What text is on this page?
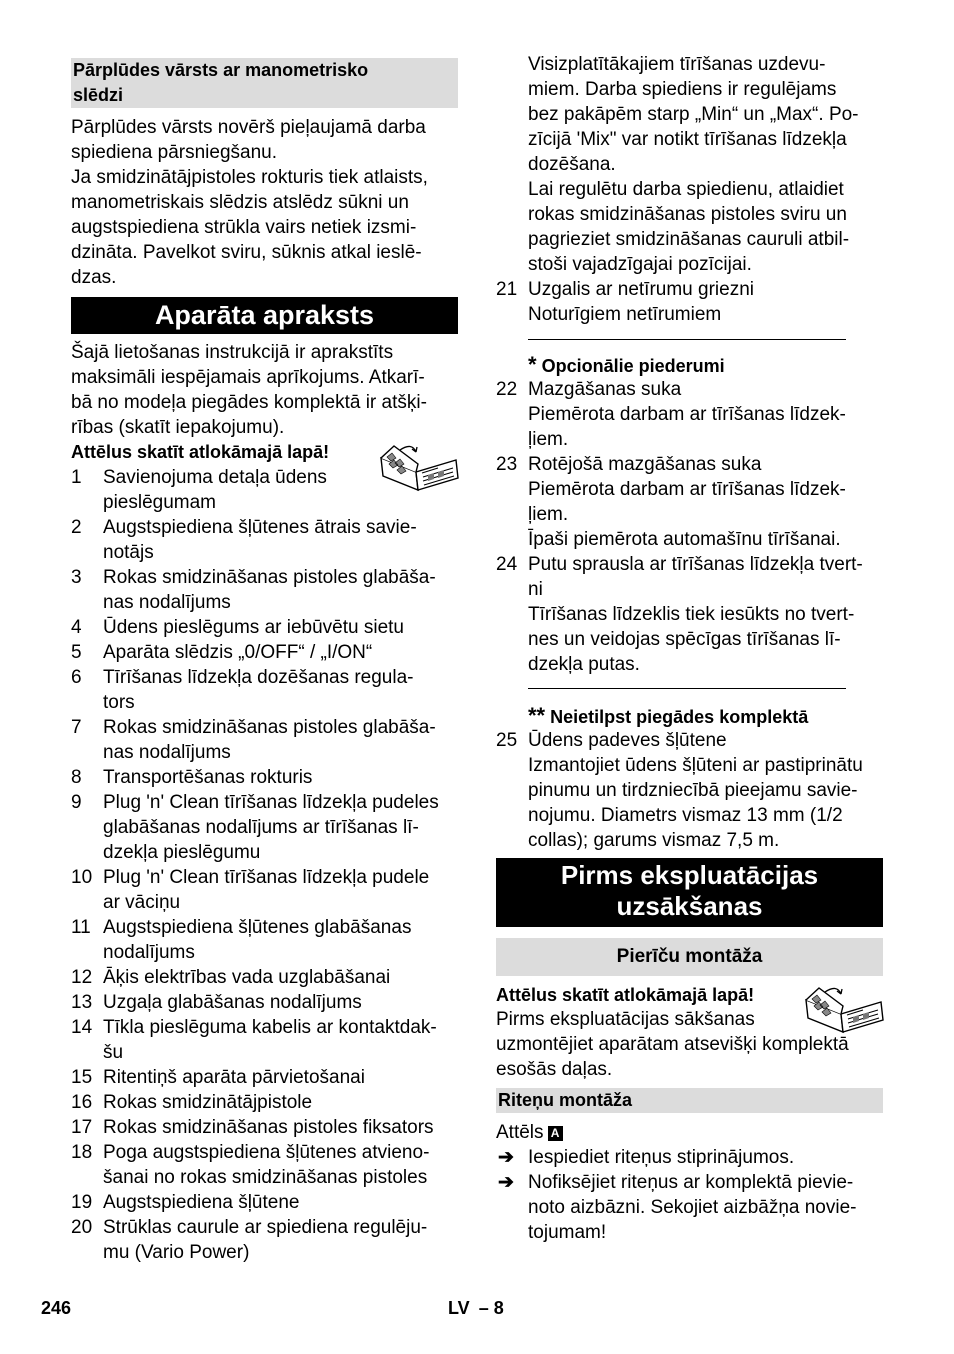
Pārplūdes vārsts ar manometrisko
slēdzi
Pārplūdes vārsts novērš pieļaujamā darba
spiediena pārsniegšanu.
Ja smidzinātājpistoles rokturis tiek atlaists,
manometriskais slēdzis atslēdz sūkni un
augstspiediena strūkla vairs netiek izsmi-
dzināta. Pavelkot sviru, sūknis atkal ieslē-
dzas.
Aparāta apraksts
Šajā lietošanas instrukcijā ir aprakstīts
maksimāli iespējamais aprīkojums. Atkarī-
bā no modeļa piegādes komplektā ir atšķi-
rības (skatīt iepakojumu).
Attēlus skatīt atlokāmajā lapā!
1 Savienojuma detaļa ūdens
pieslēgumam
2 Augstspiediena šļūtenes ātrais savie-
notājs
3 Rokas smidzināšanas pistoles glabāša-
nas nodalījums
4 Ūdens pieslēgums ar iebūvētu sietu
5 Aparāta slēdzis „0/OFF“ / „I/ON“
6 Tīrīšanas līdzekļa dozēšanas regula-
tors
7 Rokas smidzināšanas pistoles glabāša-
nas nodalījums
8 Transportēšanas rokturis
9 Plug 'n' Clean tīrīšanas līdzekļa pudeles
glabāšanas nodalījums ar tīrīšanas lī-
dzekļa pieslēgumu
10 Plug 'n' Clean tīrīšanas līdzekļa pudele
ar vāciņu
11 Augstspiediena šļūtenes glabāšanas
nodalījums
12 Āķis elektrības vada uzglabāšanai
13 Uzgaļa glabāšanas nodalījums
14 Tīkla pieslēguma kabelis ar kontaktdak-
šu
15 Ritentiņš aparāta pārvietošanai
16 Rokas smidzinātājpistole
17 Rokas smidzināšanas pistoles fiksators
18 Poga augstspiediena šļūtenes atvieno-
šanai no rokas smidzināšanas pistoles
19 Augstspiediena šļūtene
20 Strūklas caurule ar spiediena regulēju-
mu (Vario Power)
Visizplatītākajiem tīrīšanas uzdevu-
miem. Darba spiediens ir regulējams
bez pakāpēm starp „Min“ un „Max“. Po-
zīcijā 'Mix" var notikt tīrīšanas līdzekļa
dozēšana.
Lai regulētu darba spiedienu, atlaidiet
rokas smidzināšanas pistoles sviru un
pagrieziet smidzināšanas cauruli atbil-
stoši vajadzīgajai pozīcijai.
21 Uzgalis ar netīrumu griezni
Noturīgiem netīrumiem
* Opcionālie piederumi
22 Mazgāšanas suka
Piemērota darbam ar tīrīšanas līdzek-
ļiem.
23 Rotējošā mazgāšanas suka
Piemērota darbam ar tīrīšanas līdzek-
ļiem.
Īpaši piemērota automašīnu tīrīšanai.
24 Putu sprausla ar tīrīšanas līdzekļa tvert-
ni
Tīrīšanas līdzeklis tiek iesūkts no tvert-
nes un veidojas spēcīgas tīrīšanas lī-
dzekļa putas.
** Neietilpst piegādes komplektā
25 Ūdens padeves šļūtene
Izmantojiet ūdens šļūteni ar pastiprinātu
pinumu un tirdzniecībā pieejamu savie-
nojumu. Diametrs vismaz 13 mm (1/2
collas); garums vismaz 7,5 m.
Pirms ekspluatācijas
uzsākšanas
Pierīču montāža
Attēlus skatīt atlokāmajā lapā!
Pirms ekspluatācijas sākšanas
uzmontējiet aparātam atsevišķi komplektā
esošās daļas.
Riteņu montāža
Attēls A
➔ Iespiediet riteņus stiprinājumos.
➔ Nofiksējiet riteņus ar komplektā pievie-
noto aizbāzni. Sekojiet aizbāžņa novie-
tojumam!
246	LV – 8
